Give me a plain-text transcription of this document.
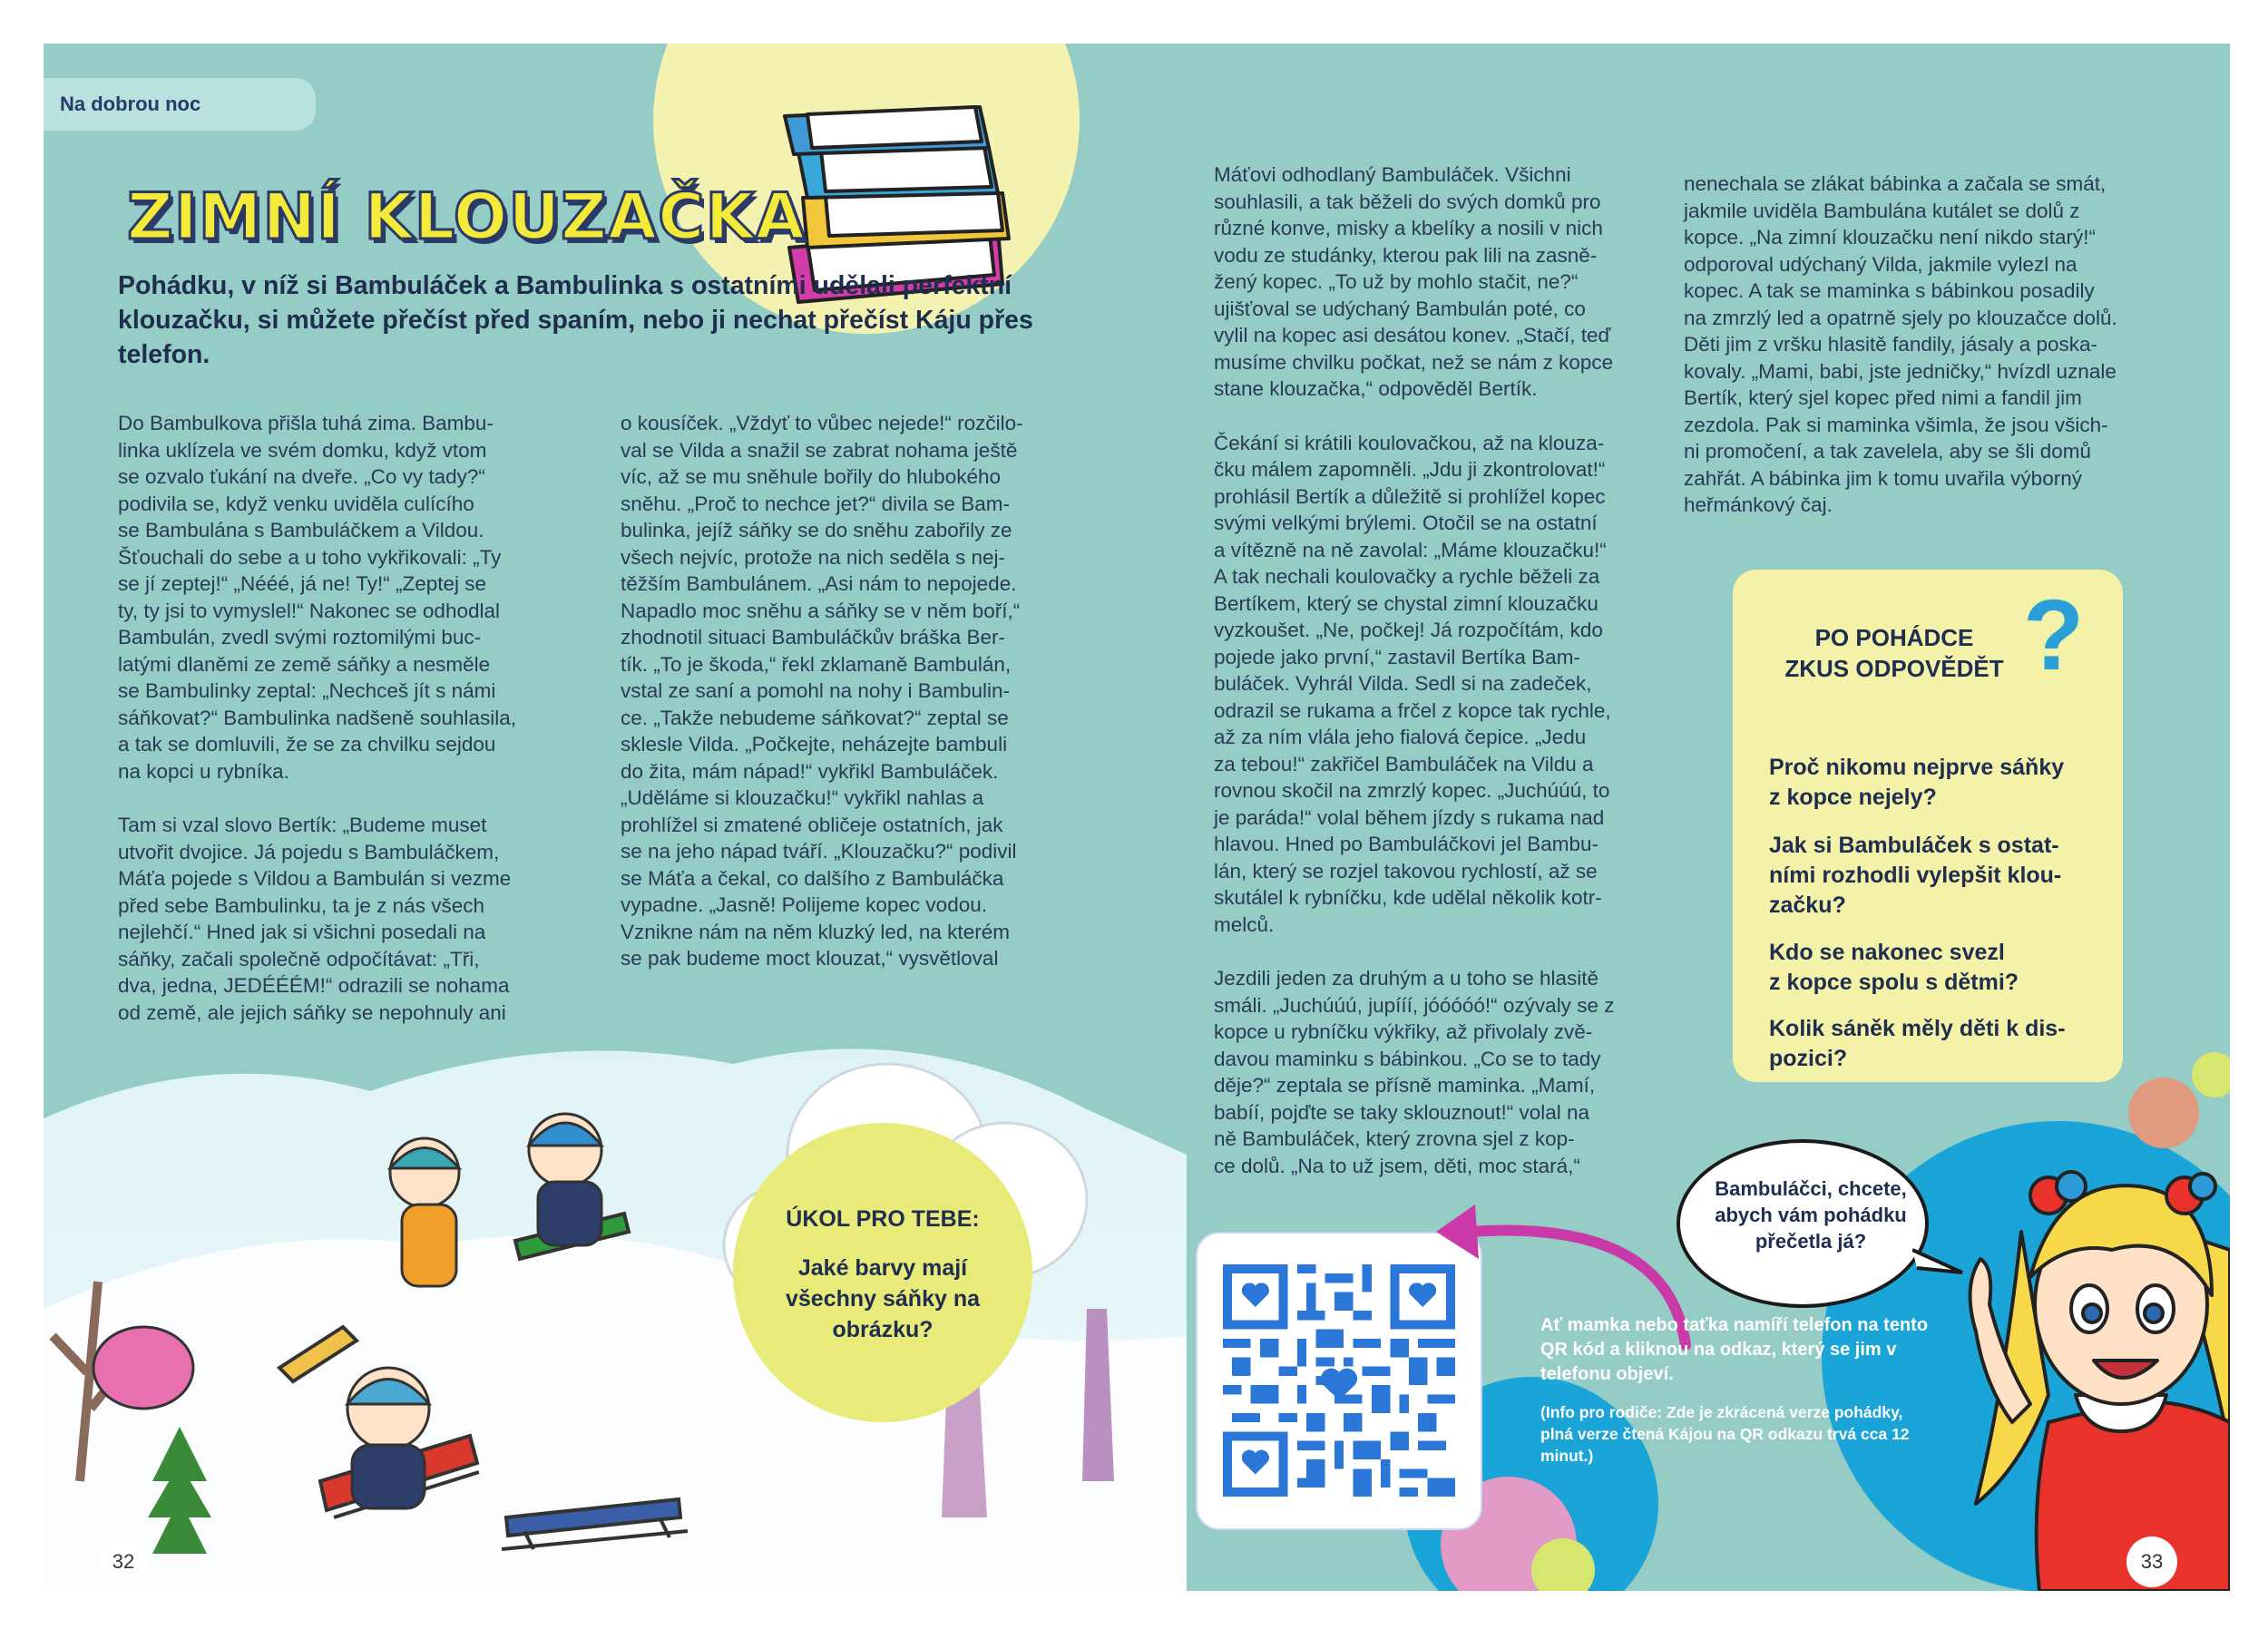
Na dobrou noc
ZIMNÍ KLOUZAČKA

Pohádku, v níž si Bambuláček a Bambulinka s ostatními udělali perfektní klouzačku, si můžete přečíst před spaním, nebo ji nechat přečíst Káju přes telefon.

Do Bambulkova přišla tuhá zima. Bambu-
linka uklízela ve svém domku, když vtom
se ozvalo ťukání na dveře. „Co vy tady?“
podivila se, když venku uviděla culícího
se Bambulána s Bambuláčkem a Vildou.
Šťouchali do sebe a u toho vykřikovali: „Ty
se jí zeptej!“ „Nééé, já ne! Ty!“ „Zeptej se
ty, ty jsi to vymyslel!“ Nakonec se odhodlal
Bambulán, zvedl svými roztomilými buc-
latými dlaněmi ze země sáňky a nesměle
se Bambulinky zeptal: „Nechceš jít s námi
sáňkovat?“ Bambulinka nadšeně souhlasila,
a tak se domluvili, že se za chvilku sejdou
na kopci u rybníka.

Tam si vzal slovo Bertík: „Budeme muset
utvořit dvojice. Já pojedu s Bambuláčkem,
Máťa pojede s Vildou a Bambulán si vezme
před sebe Bambulinku, ta je z nás všech
nejlehčí.“ Hned jak si všichni posedali na
sáňky, začali společně odpočítávat: „Tři,
dva, jedna, JEDÉÉÉM!“ odrazili se nohama
od země, ale jejich sáňky se nepohnuly ani

o kousíček. „Vždyť to vůbec nejede!“ rozčilo-
val se Vilda a snažil se zabrat nohama ještě
víc, až se mu sněhule bořily do hlubokého
sněhu. „Proč to nechce jet?“ divila se Bam-
bulinka, jejíž sáňky se do sněhu zabořily ze
všech nejvíc, protože na nich seděla s nej-
těžším Bambulánem. „Asi nám to nepojede.
Napadlo moc sněhu a sáňky se v něm boří,“
zhodnotil situaci Bambuláčkův bráška Ber-
tík. „To je škoda,“ řekl zklamaně Bambulán,
vstal ze saní a pomohl na nohy i Bambulin-
ce. „Takže nebudeme sáňkovat?“ zeptal se
sklesle Vilda. „Počkejte, neházejte bambuli
do žita, mám nápad!“ vykřikl Bambuláček.
„Uděláme si klouzačku!“ vykřikl nahlas a
prohlížel si zmatené obličeje ostatních, jak
se na jeho nápad tváří. „Klouzačku?“ podivil
se Máťa a čekal, co dalšího z Bambuláčka
vypadne. „Jasně! Polijeme kopec vodou.
Vznikne nám na něm kluzký led, na kterém
se pak budeme moct klouzat,“ vysvětloval

Máťovi odhodlaný Bambuláček. Všichni
souhlasili, a tak běželi do svých domků pro
různé konve, misky a kbelíky a nosili v nich
vodu ze studánky, kterou pak lili na zasně-
žený kopec. „To už by mohlo stačit, ne?“
ujišťoval se udýchaný Bambulán poté, co
vylil na kopec asi desátou konev. „Stačí, teď
musíme chvilku počkat, než se nám z kopce
stane klouzačka,“ odpověděl Bertík.

Čekání si krátili koulovačkou, až na klouza-
čku málem zapomněli. „Jdu ji zkontrolovat!“
prohlásil Bertík a důležitě si prohlížel kopec
svými velkými brýlemi. Otočil se na ostatní
a vítězně na ně zavolal: „Máme klouzačku!“
A tak nechali koulovačky a rychle běželi za
Bertíkem, který se chystal zimní klouzačku
vyzkoušet. „Ne, počkej! Já rozpočítám, kdo
pojede jako první,“ zastavil Bertíka Bam-
buláček. Vyhrál Vilda. Sedl si na zadeček,
odrazil se rukama a frčel z kopce tak rychle,
až za ním vlála jeho fialová čepice. „Jedu
za tebou!“ zakřičel Bambuláček na Vildu a
rovnou skočil na zmrzlý kopec. „Juchúúú, to
je paráda!“ volal během jízdy s rukama nad
hlavou. Hned po Bambuláčkovi jel Bambu-
lán, který se rozjel takovou rychlostí, až se
skutálel k rybníčku, kde udělal několik kotr-
melců.

Jezdili jeden za druhým a u toho se hlasitě
smáli. „Juchúúú, jupííí, jóóóóó!“ ozývaly se z
kopce u rybníčku výkřiky, až přivolaly zvě-
davou maminku s bábinkou. „Co se to tady
děje?“ zeptala se přísně maminka. „Mamí,
babíí, pojďte se taky sklouznout!“ volal na
ně Bambuláček, který zrovna sjel z kop-
ce dolů. „Na to už jsem, děti, moc stará,“

nenechala se zlákat bábinka a začala se smát,
jakmile uviděla Bambulána kutálet se dolů z
kopce. „Na zimní klouzačku není nikdo starý!“
odporoval udýchaný Vilda, jakmile vylezl na
kopec. A tak se maminka s bábinkou posadily
na zmrzlý led a opatrně sjely po klouzačce dolů.
Děti jim z vršku hlasitě fandily, jásaly a poska-
kovaly. „Mami, babi, jste jedničky,“ hvízdl uznale
Bertík, který sjel kopec před nimi a fandil jim
zezdola. Pak si maminka všimla, že jsou všich-
ni promočení, a tak zavelela, aby se šli domů
zahřát. A bábinka jim k tomu uvařila výborný
heřmánkový čaj.

ÚKOL PRO TEBE:

Jaké barvy mají všechny sáňky na obrázku?

PO POHÁDCE
ZKUS ODPOVĚDĚT ?

Proč nikomu nejprve sáňky
z kopce nejely?

Jak si Bambuláček s ostat-
ními rozhodli vylepšit klou-
začku?

Kdo se nakonec svezl
z kopce spolu s dětmi?

Kolik sáněk měly děti k dis-
pozici?

Bambuláčci, chcete, abych vám pohádku přečetla já?

Ať mamka nebo taťka namíří telefon na tento QR kód a kliknou na odkaz, který se jim v telefonu objeví.

(Info pro rodiče: Zde je zkrácená verze pohádky, plná verze čtená Kájou na QR odkazu trvá cca 12 minut.)

32	33
